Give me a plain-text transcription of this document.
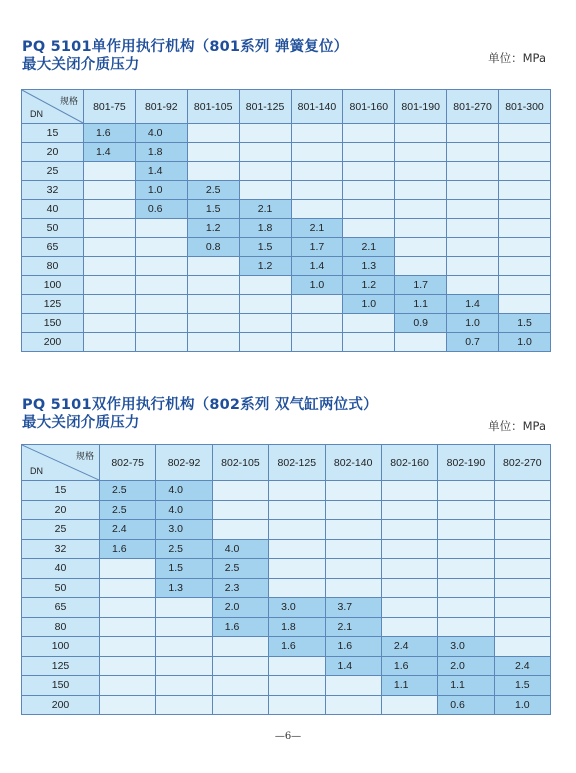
PQ 5101单作用执行机构（801系列 弹簧复位）

最大关闭介质压力	单位：MPa
规格
DN	801-75	801-92	801-105	801-125	801-140	801-160	801-190	801-270	801-300
15	1.6	4.0							
20	1.4	1.8							
25		1.4							
32		1.0	2.5						
40		0.6	1.5	2.1					
50			1.2	1.8	2.1				
65			0.8	1.5	1.7	2.1			
80				1.2	1.4	1.3			
100					1.0	1.2	1.7		
125						1.0	1.1	1.4	
150							0.9	1.0	1.5
200								0.7	1.0

PQ 5101双作用执行机构（802系列 双气缸两位式）

最大关闭介质压力	单位：MPa
规格
DN	802-75	802-92	802-105	802-125	802-140	802-160	802-190	802-270
15	2.5	4.0						
20	2.5	4.0						
25	2.4	3.0						
32	1.6	2.5	4.0					
40		1.5	2.5					
50		1.3	2.3					
65			2.0	3.0	3.7			
80			1.6	1.8	2.1			
100				1.6	1.6	2.4	3.0	
125					1.4	1.6	2.0	2.4
150						1.1	1.1	1.5
200							0.6	1.0
—6—
